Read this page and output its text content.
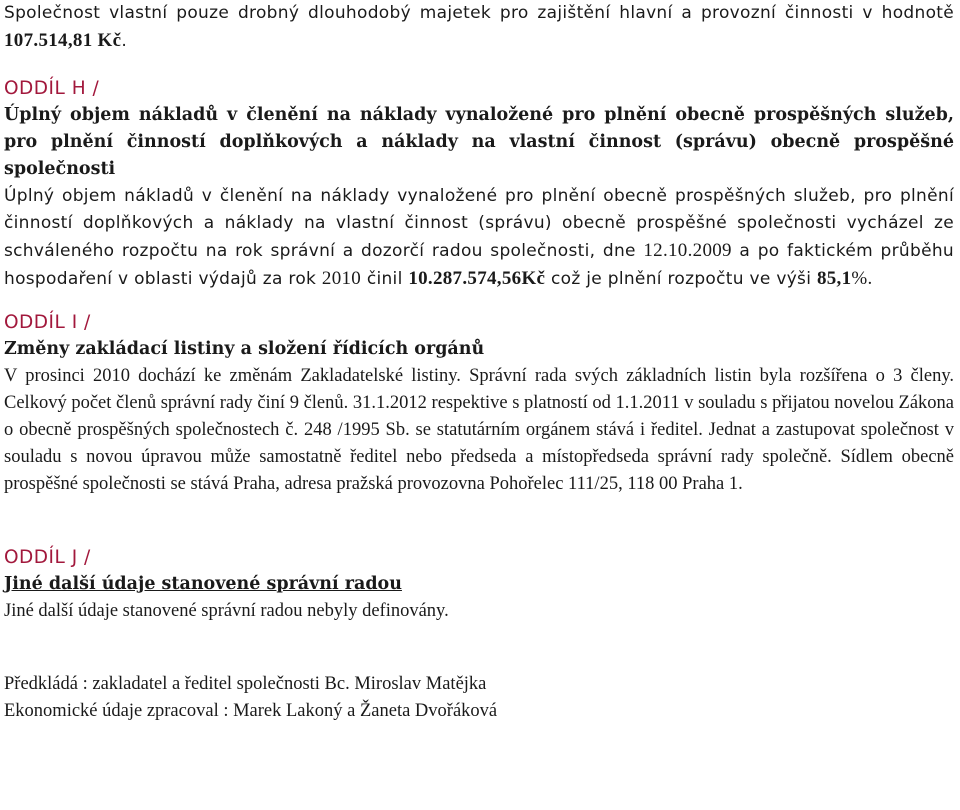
Společnost vlastní pouze drobný dlouhodobý majetek pro zajištění hlavní a provozní činnosti v hodnotě 107.514,81 Kč.

ODDÍL H /

Úplný objem nákladů v členění na náklady vynaložené pro plnění obecně prospěšných služeb, pro plnění činností doplňkových a náklady na vlastní činnost (správu) obecně prospěšné společnosti

Úplný objem nákladů v členění na náklady vynaložené pro plnění obecně prospěšných služeb, pro plnění činností doplňkových a náklady na vlastní činnost (správu) obecně prospěšné společnosti vycházel ze schváleného rozpočtu na rok správní a dozorčí radou společnosti, dne 12.10.2009 a po faktickém průběhu hospodaření v oblasti výdajů za rok 2010 činil 10.287.574,56Kč což je plnění rozpočtu ve výši 85,1%.

ODDÍL I /

Změny zakládací listiny a složení řídicích orgánů

V prosinci 2010 dochází ke změnám Zakladatelské listiny. Správní rada svých základních listin byla rozšířena o 3 členy. Celkový počet členů správní rady činí 9 členů. 31.1.2012 respektive s platností od 1.1.2011 v souladu s přijatou novelou Zákona o obecně prospěšných společnostech č. 248 /1995 Sb. se statutárním orgánem stává i ředitel. Jednat a zastupovat společnost v souladu s novou úpravou může samostatně ředitel nebo předseda a místopředseda správní rady společně. Sídlem obecně prospěšné společnosti se stává Praha, adresa pražská provozovna Pohořelec 111/25, 118 00 Praha 1.

ODDÍL J /

Jiné další údaje stanovené správní radou

Jiné další údaje stanovené správní radou nebyly definovány.

Předkládá : zakladatel a ředitel společnosti Bc. Miroslav Matějka

Ekonomické údaje zpracoval : Marek Lakoný a Žaneta Dvořáková
